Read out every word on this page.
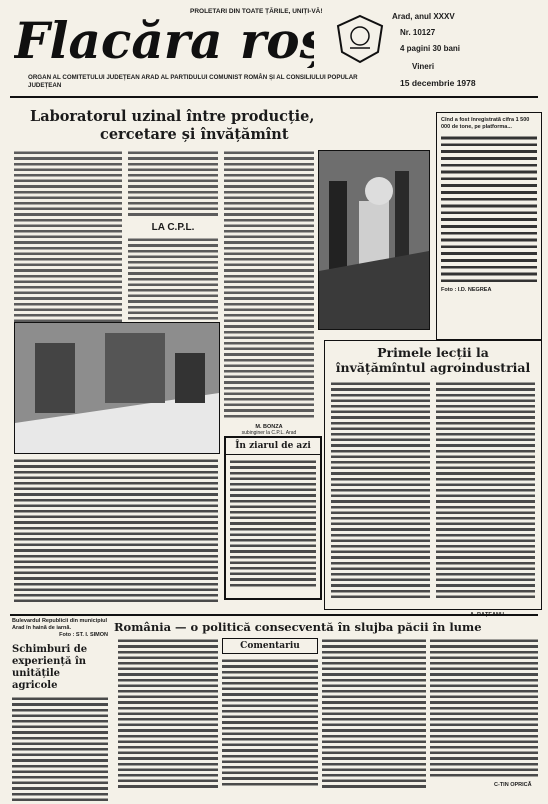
PROLETARI DIN TOATE ȚĂRILE, UNIȚI-VĂ!
Flacăra ro	Arad, anul XXXV
Nr. 10127
4 pagini 30 bani
Vineri
15 decembrie 1978
ORGAN AL COMITETULUI JUDEȚEAN ARAD AL PARTIDULUI COMUNIST ROMÂN ȘI AL CONSILIULUI POPULAR JUDEȚEAN
Laboratorul uzinal între producție,
cercetare și învățămînt
LA C.P.L.
M. BONZA
subinginer la C.P.L. Arad
Cînd a fost înregistrată cifra 1 500 000 de tone, pe platforma...
Foto : I.D. NEGREA
În ziarul de azi
Primele lecții la
învățămîntul agroindustrial
Bulevardul Republicii din municipiul Arad în haină de iarnă.
Foto : ST. I. SIMON
Schimburi de experiență în unitățile agricole
România — o politică consecventă în slujba păcii în lume
Comentariu
C-TIN OPRICĂ
